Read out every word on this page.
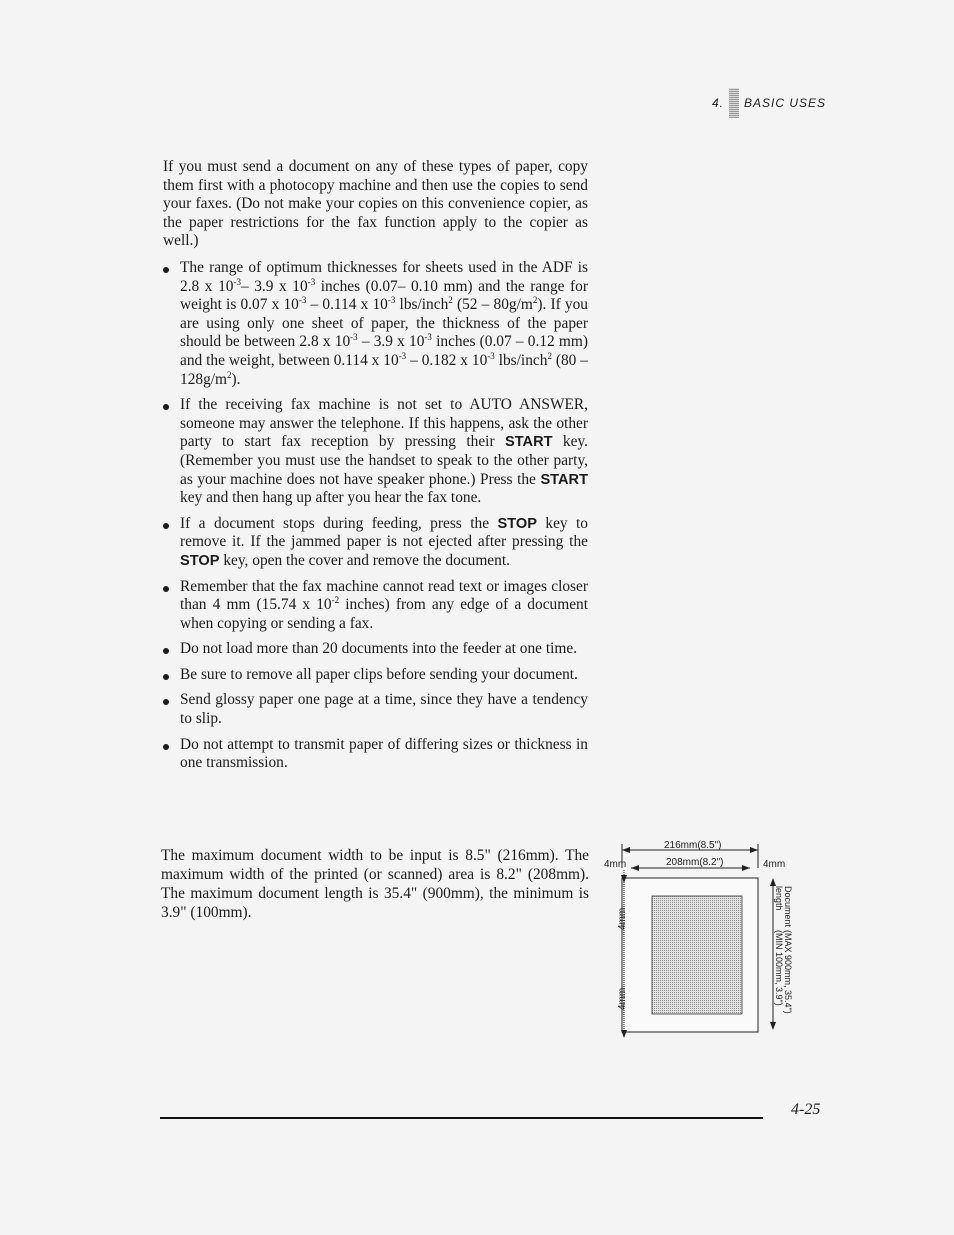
4. BASIC USES

If you must send a document on any of these types of paper, copy them first with a photocopy machine and then use the copies to send your faxes. (Do not make your copies on this convenience copier, as the paper restrictions for the fax function apply to the copier as well.)

The range of optimum thicknesses for sheets used in the ADF is 2.8 x $10^{-3}-$ 3.9 x $10^{-3}$ inches (0.07– 0.10 mm) and the range for weight is 0.07 x $10^{-3} - 0.114$ x $10^{-3}$ lbs/inch$^2$ $(52 - 80g/m^2)$. If you are using only one sheet of paper, the thickness of the paper should be between 2.8 x $10^{-3} - 3.9$ x $10^{-3}$ inches (0.07 – 0.12 mm) and the weight, between 0.114 x $10^{-3} - 0.182$ x $10^{-3}$ lbs/inch$^2$ $(80 - 128g/m^2)$.
If the receiving fax machine is not set to AUTO ANSWER, someone may answer the telephone. If this happens, ask the other party to start fax reception by pressing their START key. (Remember you must use the handset to speak to the other party, as your machine does not have speaker phone.) Press the START key and then hang up after you hear the fax tone.
If a document stops during feeding, press the STOP key to remove it. If the jammed paper is not ejected after pressing the STOP key, open the cover and remove the document.
Remember that the fax machine cannot read text or images closer than 4 mm (15.74 x $10^{-2}$ inches) from any edge of a document when copying or sending a fax.
Do not load more than 20 documents into the feeder at one time.
Be sure to remove all paper clips before sending your document.
Send glossy paper one page at a time, since they have a tendency to slip.
Do not attempt to transmit paper of differing sizes or thickness in one transmission.

The maximum document width to be input is 8.5" (216mm). The maximum width of the printed (or scanned) area is 8.2" (208mm). The maximum document length is 35.4" (900mm), the minimum is 3.9" (100mm).

216mm(8.5")
208mm(8.2")
4mm	4mm
4mm
4mm
Document
length
(MAX 900mm, 35.4")
(MIN 100mm, 3.9")
4-25
